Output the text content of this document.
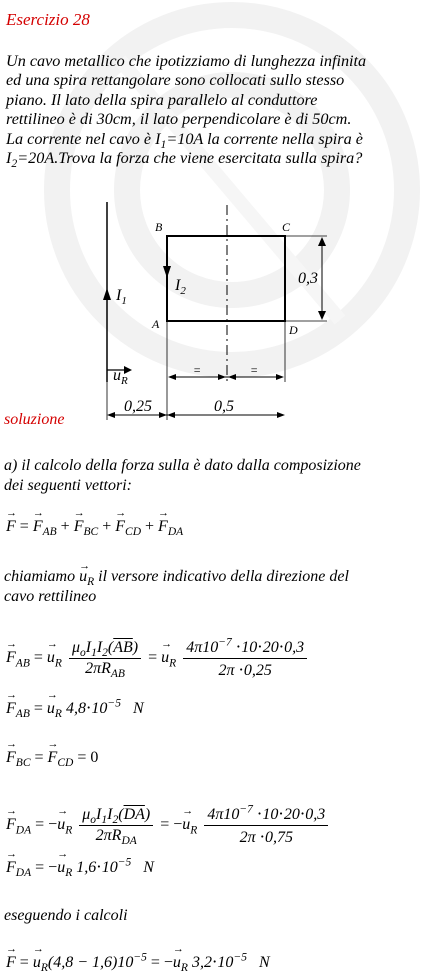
Esercizio 28

Un cavo metallico che ipotizziamo di lunghezza infinita

ed una spira rettangolare sono collocati sullo stesso

piano. Il lato della spira parallelo al conduttore

rettilineo è di 30cm, il lato perpendicolare è di 50cm.

La corrente nel cavo è $I_1=10A$ la corrente nella spira è

$I_2=20A.Trova$ la forza che viene esercitata sulla spira?

B	C
A	D
$I_1$
$I_2$
0,3
$u_R$
=	=
0,25	0,5
soluzione
a) il calcolo della forza sulla è dato dalla composizione
dei seguenti vettori:
→ F = → $F_{AB}$ + → $F_{BC}$ + → $F_{CD}$ + → $F_{DA}$
chiamiamo → $u_R$ il versore indicativo della direzione del
cavo rettilineo
→ $F_{AB}$ = → $u_R \frac{\mu_oI_1I_2(\overline{AB})}{2\pi R_{AB}}$ = → $u_R \frac{4\pi 10^{-7} \cdot 10\cdot 20\cdot 0,3}{2\pi \cdot 0,25}$
→ $F_{AB}$ = → $u_R$ $4,8\cdot 10^{-5}$ N
→ $F_{BC}$ = → $F_{CD} = 0$
→ $F_{DA}$ = −→ $u_R \frac{\mu_oI_1I_2(\overline{DA})}{2\pi R_{DA}}$ = −→ $u_R \frac{4\pi 10^{-7} \cdot 10\cdot 20\cdot 0,3}{2\pi \cdot 0,75}$
→ $F_{DA}$ = −→ $u_R$ $1,6\cdot 10^{-5}$ N
eseguendo i calcoli
→ F = → $u_R(4,8 - 1,6)10^{-5}$ = −→ $u_R$ $3,2\cdot 10^{-5}$ N
